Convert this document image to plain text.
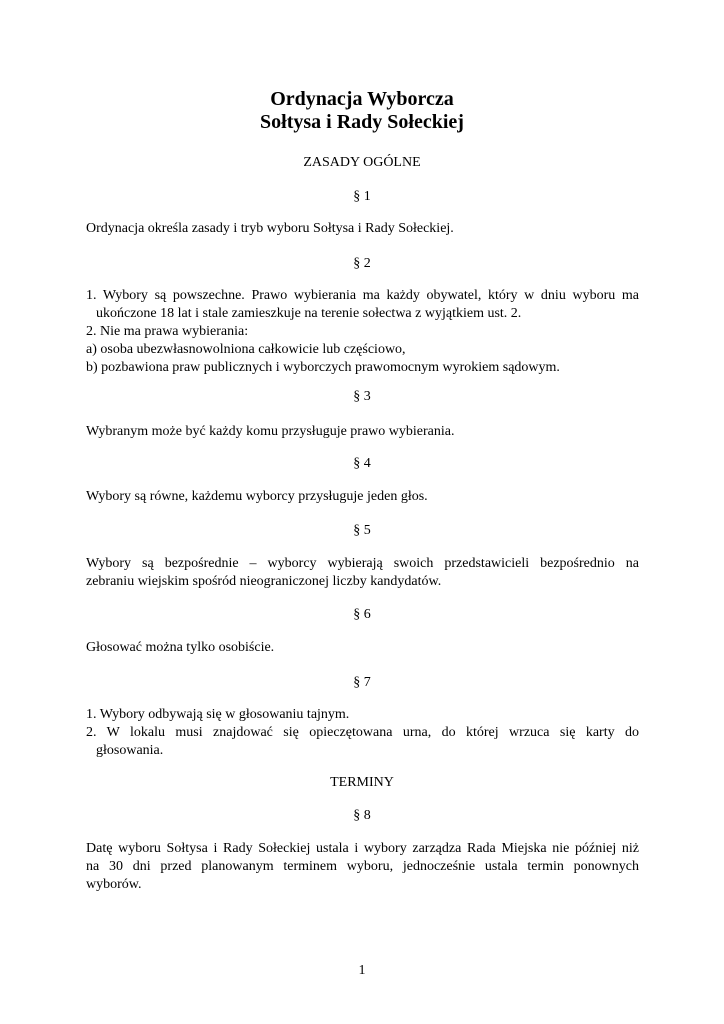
Ordynacja Wyborcza
Sołtysa i Rady Sołeckiej
ZASADY OGÓLNE
§ 1
Ordynacja określa zasady i tryb wyboru Sołtysa i Rady Sołeckiej.
§ 2
1. Wybory są powszechne. Prawo wybierania ma każdy obywatel, który w dniu wyboru ma
ukończone 18 lat i stale zamieszkuje na terenie sołectwa z wyjątkiem ust. 2.
2. Nie ma prawa wybierania:
a) osoba ubezwłasnowolniona całkowicie lub częściowo,
b) pozbawiona praw publicznych i wyborczych prawomocnym wyrokiem sądowym.
§ 3
Wybranym może być każdy komu przysługuje prawo wybierania.
§ 4
Wybory są równe, każdemu wyborcy przysługuje jeden głos.
§ 5
Wybory są bezpośrednie – wyborcy wybierają swoich przedstawicieli bezpośrednio na
zebraniu wiejskim spośród nieograniczonej liczby kandydatów.
§ 6
Głosować można tylko osobiście.
§ 7
1. Wybory odbywają się w głosowaniu tajnym.
2. W lokalu musi znajdować się opieczętowana urna, do której wrzuca się karty do
głosowania.
TERMINY
§ 8
Datę wyboru Sołtysa i Rady Sołeckiej ustala i wybory zarządza Rada Miejska nie później niż
na 30 dni przed planowanym terminem wyboru, jednocześnie ustala termin ponownych
wyborów.
1
